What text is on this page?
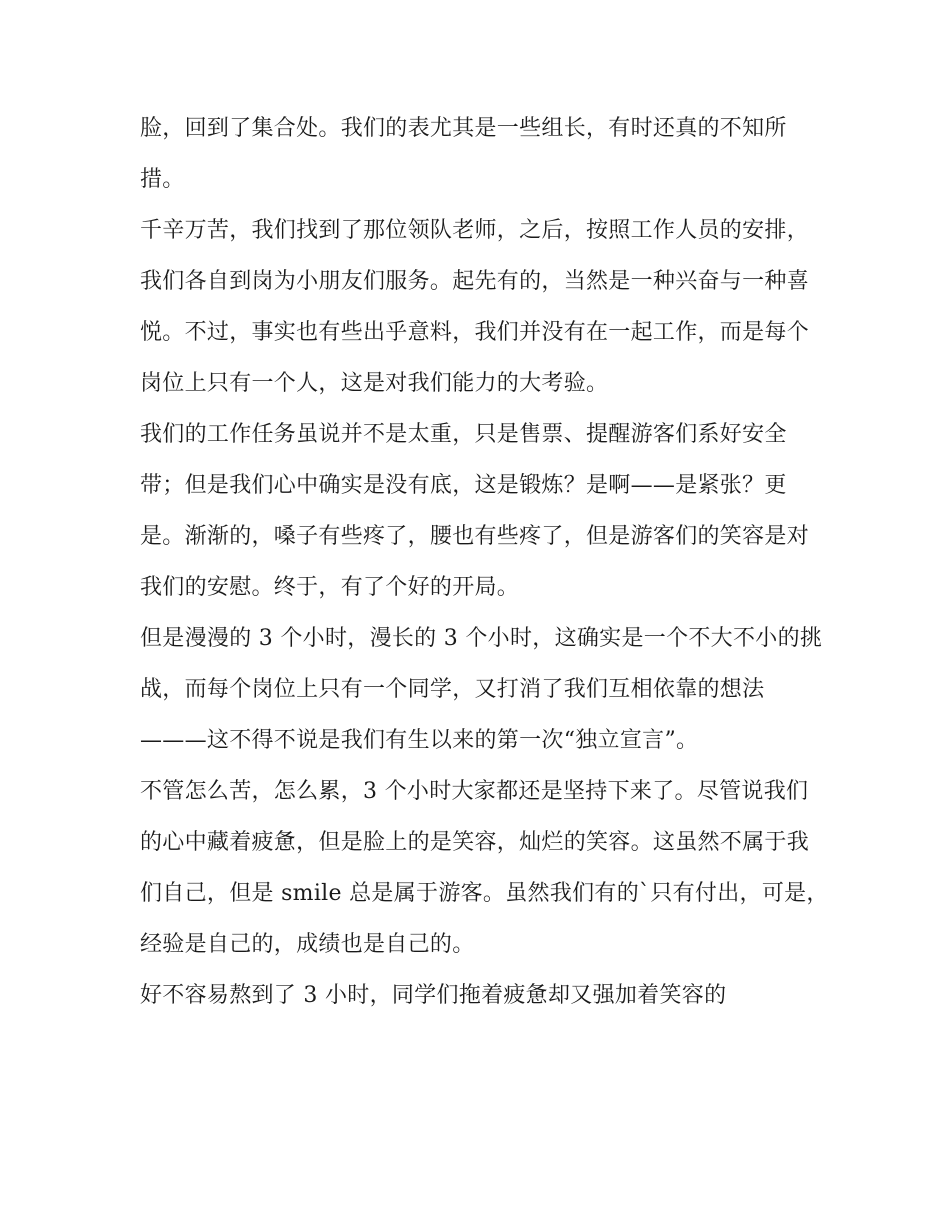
脸，回到了集合处。我们的表尤其是一些组长，有时还真的不知所措。

千辛万苦，我们找到了那位领队老师，之后，按照工作人员的安排，我们各自到岗为小朋友们服务。起先有的，当然是一种兴奋与一种喜悦。不过，事实也有些出乎意料，我们并没有在一起工作，而是每个岗位上只有一个人，这是对我们能力的大考验。

我们的工作任务虽说并不是太重，只是售票、提醒游客们系好安全带；但是我们心中确实是没有底，这是锻炼？是啊——是紧张？更是。渐渐的，嗓子有些疼了，腰也有些疼了，但是游客们的笑容是对我们的安慰。终于，有了个好的开局。

但是漫漫的 3 个小时，漫长的 3 个小时，这确实是一个不大不小的挑战，而每个岗位上只有一个同学，又打消了我们互相依靠的想法———这不得不说是我们有生以来的第一次“独立宣言”。

不管怎么苦，怎么累，3 个小时大家都还是坚持下来了。尽管说我们的心中藏着疲惫，但是脸上的是笑容，灿烂的笑容。这虽然不属于我们自己，但是 smile 总是属于游客。虽然我们有的`只有付出，可是，经验是自己的，成绩也是自己的。

好不容易熬到了 3 小时，同学们拖着疲惫却又强加着笑容的
